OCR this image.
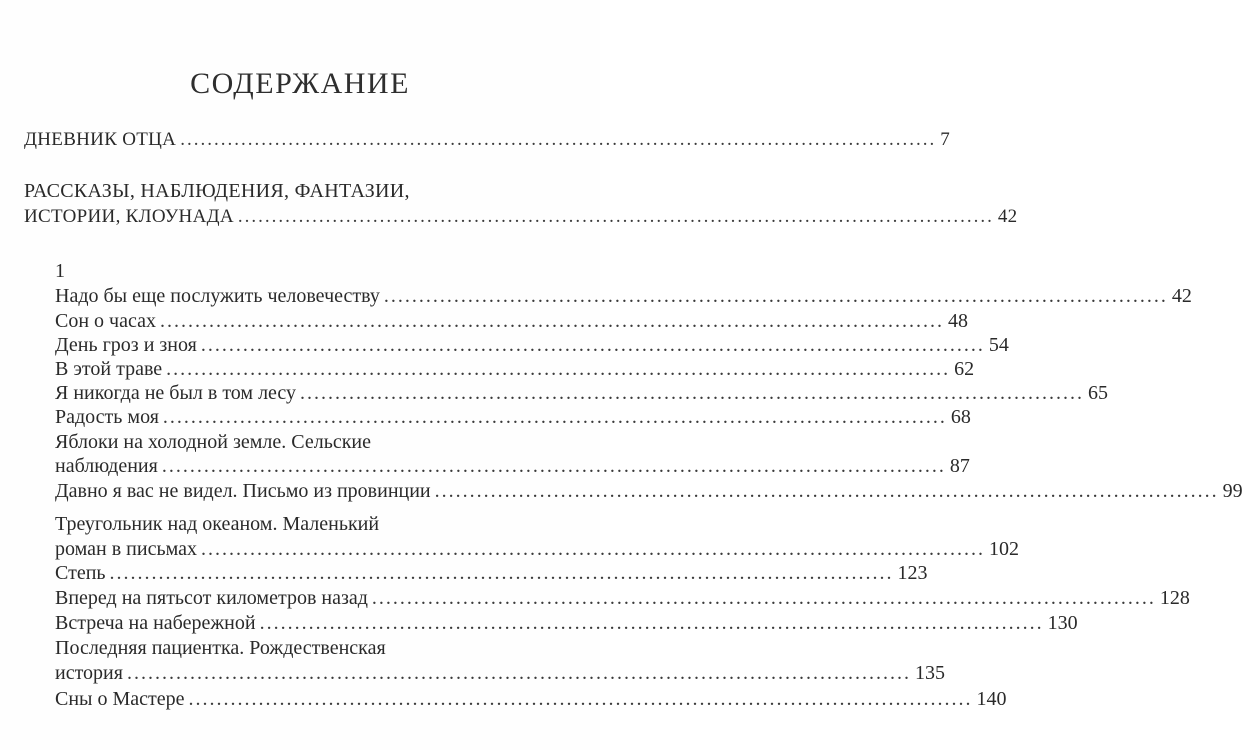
СОДЕРЖАНИЕ
ДНЕВНИК ОТЦА ................................................................................................................ 7
РАССКАЗЫ, НАБЛЮДЕНИЯ, ФАНТАЗИИ,
ИСТОРИИ, КЛОУНАДА ................................................................................................................ 42
1
Надо бы еще послужить человечеству ................................................................................................................ 42
Сон о часах ................................................................................................................ 48
День гроз и зноя ................................................................................................................ 54
В этой траве ................................................................................................................ 62
Я никогда не был в том лесу ................................................................................................................ 65
Радость моя ................................................................................................................ 68
Яблоки на холодной земле. Сельские
наблюдения ................................................................................................................ 87
Давно я вас не видел. Письмо из провинции ................................................................................................................ 99
Треугольник над океаном. Маленький
роман в письмах ................................................................................................................ 102
Степь ................................................................................................................ 123
Вперед на пятьсот километров назад ................................................................................................................ 128
Встреча на набережной ................................................................................................................ 130
Последняя пациентка. Рождественская
история ................................................................................................................ 135
Сны о Мастере ................................................................................................................ 140
